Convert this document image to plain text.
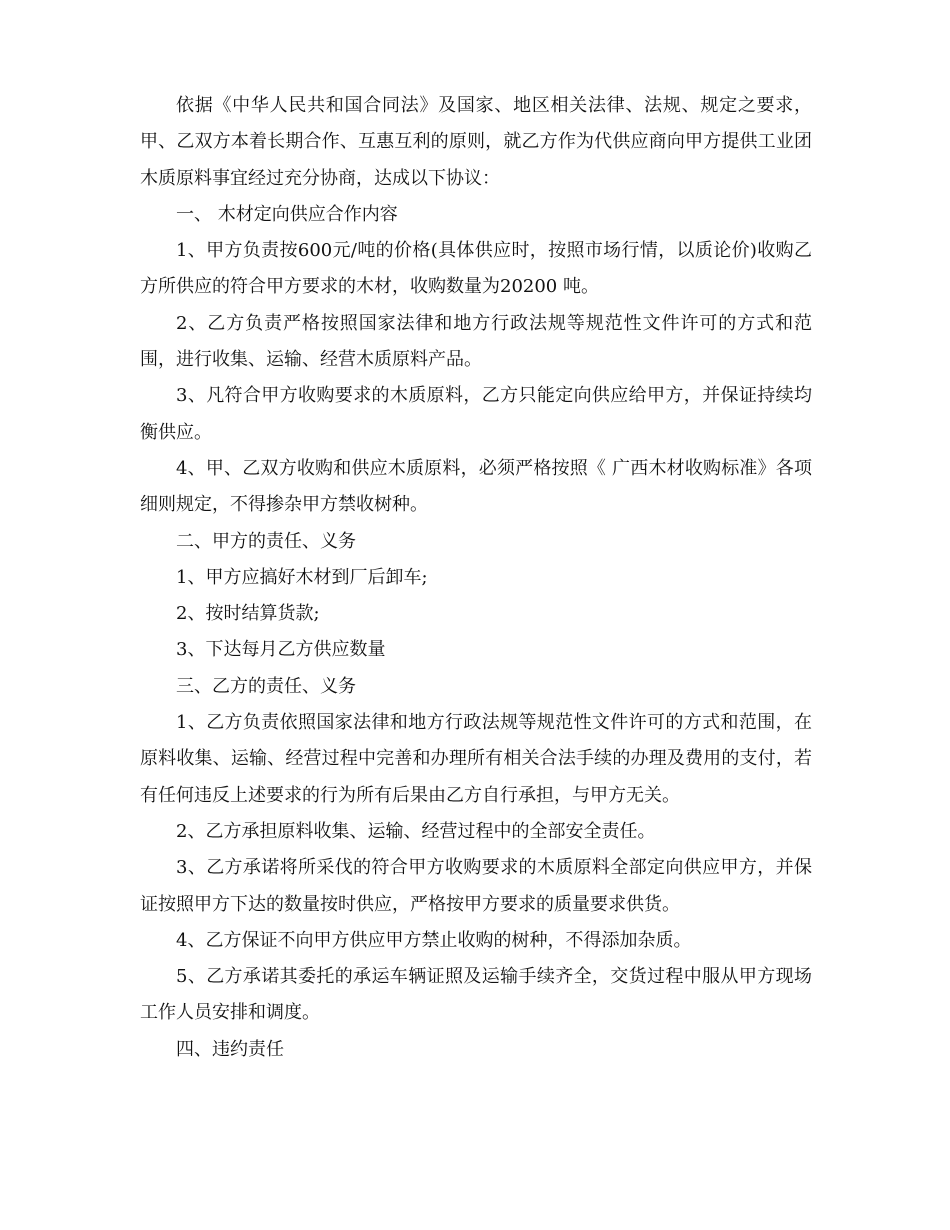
依据《中华人民共和国合同法》及国家、地区相关法律、法规、规定之要求，甲、乙双方本着长期合作、互惠互利的原则，就乙方作为代供应商向甲方提供工业团木质原料事宜经过充分协商，达成以下协议：

一、 木材定向供应合作内容

1、甲方负责按600元/吨的价格(具体供应时，按照市场行情，以质论价)收购乙方所供应的符合甲方要求的木材，收购数量为20200 吨。

2、乙方负责严格按照国家法律和地方行政法规等规范性文件许可的方式和范围，进行收集、运输、经营木质原料产品。

3、凡符合甲方收购要求的木质原料，乙方只能定向供应给甲方，并保证持续均衡供应。

4、甲、乙双方收购和供应木质原料，必须严格按照《 广西木材收购标准》各项细则规定，不得掺杂甲方禁收树种。

二、甲方的责任、义务

1、甲方应搞好木材到厂后卸车;

2、按时结算货款;

3、下达每月乙方供应数量

三、乙方的责任、义务

1、乙方负责依照国家法律和地方行政法规等规范性文件许可的方式和范围，在原料收集、运输、经营过程中完善和办理所有相关合法手续的办理及费用的支付，若有任何违反上述要求的行为所有后果由乙方自行承担，与甲方无关。

2、乙方承担原料收集、运输、经营过程中的全部安全责任。

3、乙方承诺将所采伐的符合甲方收购要求的木质原料全部定向供应甲方，并保证按照甲方下达的数量按时供应，严格按甲方要求的质量要求供货。

4、乙方保证不向甲方供应甲方禁止收购的树种，不得添加杂质。

5、乙方承诺其委托的承运车辆证照及运输手续齐全，交货过程中服从甲方现场工作人员安排和调度。

四、违约责任
